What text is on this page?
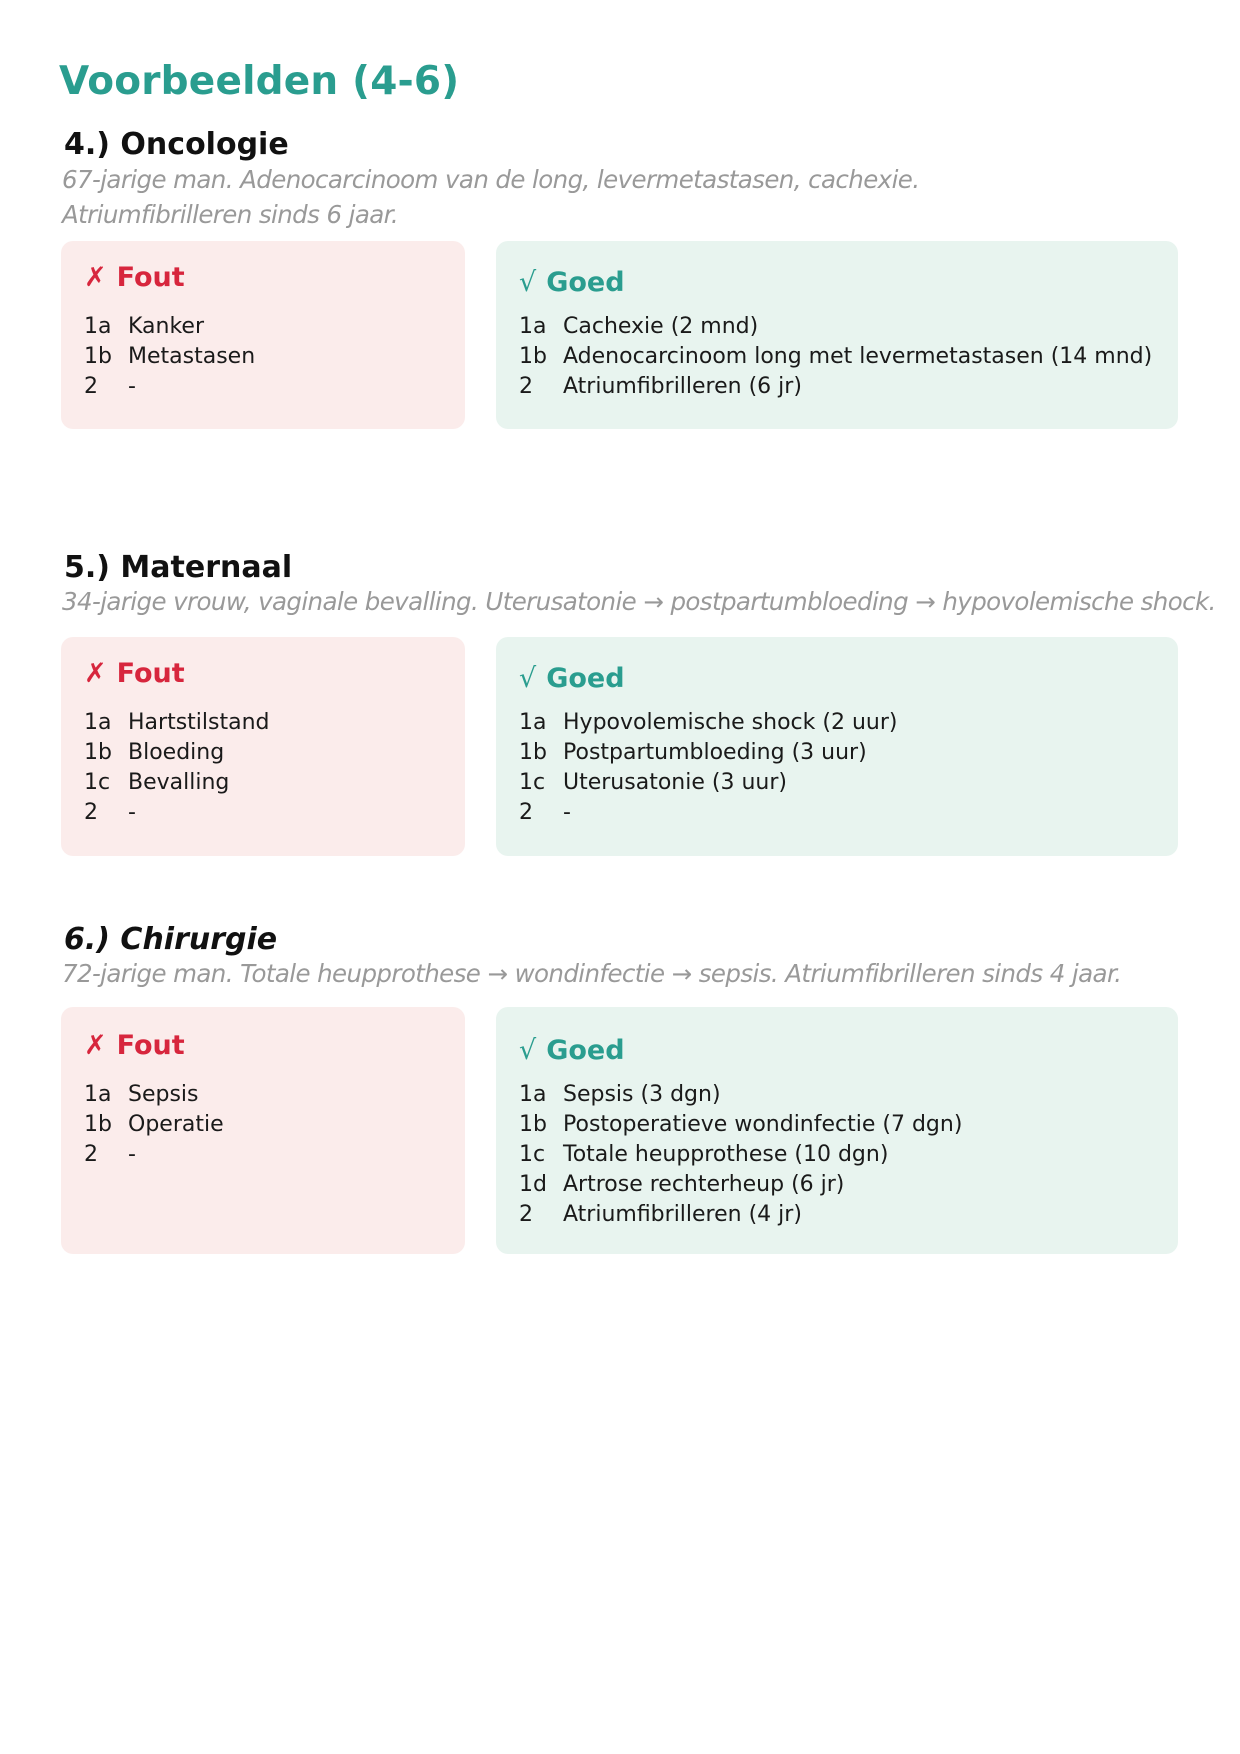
Voorbeelden (4-6)
4.) Oncologie

67-jarige man. Adenocarcinoom van de long, levermetastasen, cachexie.

Atriumfibrilleren sinds 6 jaar.

✗ Fout
1a Kanker
1b Metastasen
2	-
√ Goed
1a Cachexie (2 mnd)
1b Adenocarcinoom long met levermetastasen (14 mnd)
2	Atriumfibrilleren (6 jr)
5.) Maternaal

34-jarige vrouw, vaginale bevalling. Uterusatonie → postpartumbloeding → hypovolemische shock.

✗ Fout
1a Hartstilstand
1b Bloeding
1c Bevalling
2	-
√ Goed
1a Hypovolemische shock (2 uur)
1b Postpartumbloeding (3 uur)
1c Uterusatonie (3 uur)
2	-
6.) Chirurgie

72-jarige man. Totale heupprothese → wondinfectie → sepsis. Atriumfibrilleren sinds 4 jaar.

✗ Fout
1a Sepsis
1b Operatie
2	-
√ Goed
1a Sepsis (3 dgn)
1b Postoperatieve wondinfectie (7 dgn)
1c Totale heupprothese (10 dgn)
1d Artrose rechterheup (6 jr)
2	Atriumfibrilleren (4 jr)
